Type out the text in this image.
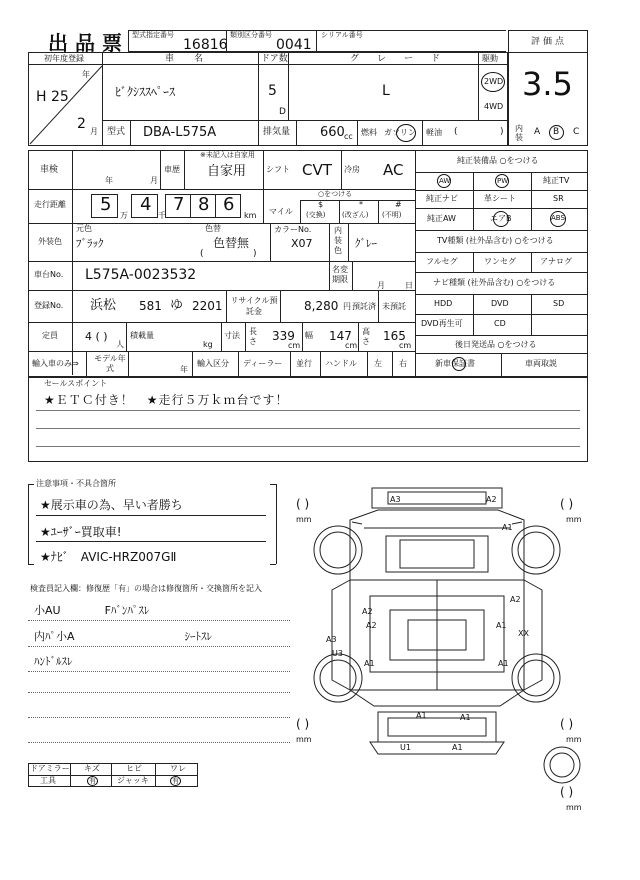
出品票 型式指定番号
16816
類別区分番号
0041
シリアル番号
評価点
3.5
初年度登録
年
H 25
2 月
車名
ﾋﾞｸｼｽｽﾍﾟｰｽ
ドア数
5
D
グレード
L
駆動
2WD
4WD
型式 DBA-L575A	排気量 660 cc 燃料 ガソリン 軽油 (	) 内装
A B C
車検
年	月
車歴
※未記入は自家用
自家用 シフト CVT 冷房 AC
走行距離 5
万
4
千
7 8 6
km
○をつける
マイル
$
(交換)
*
(改ざん)
#
(不明)
外装色
元色
ﾌﾞﾗｯｸ
色替
色替無
(	)
カラーNo.
X07
内装色
ｸﾞﾚｰ
車台No. L575A-0023532	名変期限
月	日
登録No. 浜松 581 ゆ 2201 リサイクル預託金	8,280 円 預託済 未預託
定員 4 ( )
人
積載量
kg
寸法 長さ 339
cm
幅 147
cm
高さ 165
cm
輸入車のみ⇒
モデル年式	年
輸入区分 ディーラー 並行 ハンドル 左 右
純正装備品 ○をつける
AW	PW	純正TV
純正ナビ	革シート	SR
純正AW	エアB	ABS
TV種類 (社外品含む) ○をつける
フルセグ	ワンセグ	アナログ
ナビ種類 (社外品含む) ○をつける
HDD	DVD	SD
DVD再生可	CD
後日発送品 ○をつける
新車保証書	車両取説
セールスポイント
★ＥＴＣ付き！　★走行５万ｋｍ台です！
注意事項・不具合箇所
★展示車の為、早い者勝ち
★ﾕｰｻﾞｰ買取車!
★ﾅﾋﾞ　AVIC-HRZ007GⅡ
検査員記入欄：修復歴「有」の場合は修復箇所・交換箇所を記入
小AU　　　　Fﾊﾞﾝﾊﾟｽﾚ
内ﾊﾟ小A　　　　　　　　　　ｼｰﾄｽﾚ
ﾊﾝﾄﾞﾙｽﾚ
ドアミラー キズ	ヒビ	ワレ
工具	有	ジャッキ	有
A3	A2
A1
A2
A2
A2	A1
XX
A3
U3
A1	A1
A1	A1
U1	A1
( )
mm
( )
mm
( )
mm
( )
mm
( )
mm
